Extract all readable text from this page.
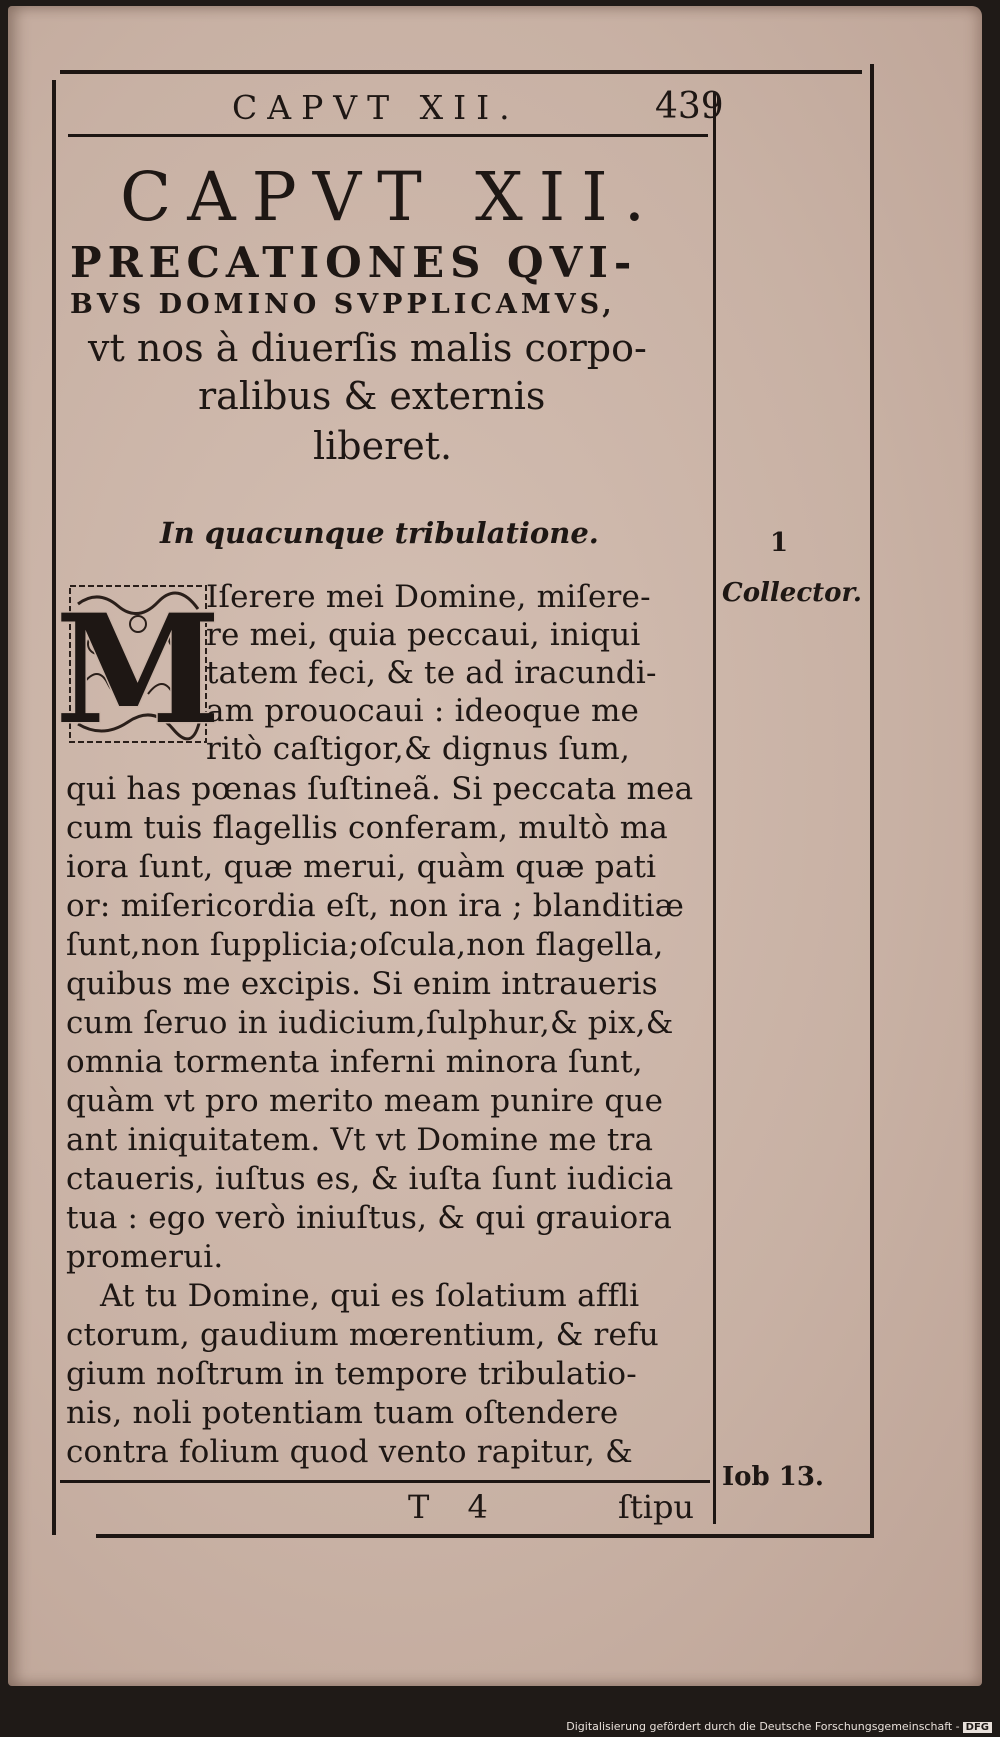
CAPVT XII.	439
CAPVT XII.
PRECATIONES QVI-
BVS DOMINO SVPPLICAMVS,
vt nos à diuerſis malis corpo-
ralibus & externis
liberet.
In quacunque tribulatione.
M
Iſerere mei Domine, miſere-
re mei, quia peccaui, iniqui
tatem feci, & te ad iracundi-
am prouocaui : ideoque me
ritò caſtigor,& dignus ſum,
qui has pœnas ſuſtineã. Si peccata mea
cum tuis flagellis conferam, multò ma
iora ſunt, quæ merui, quàm quæ pati
or: miſericordia eſt, non ira ; blanditiæ
ſunt,non ſupplicia;oſcula,non flagella,
quibus me excipis. Si enim intraueris
cum ſeruo in iudicium,ſulphur,& pix,&
omnia tormenta inferni minora ſunt,
quàm vt pro merito meam punire que
ant iniquitatem. Vt vt Domine me tra
ctaueris, iuſtus es, & iuſta ſunt iudicia
tua : ego verò iniuſtus, & qui grauiora
promerui.
At tu Domine, qui es ſolatium affli
ctorum, gaudium mœrentium, & refu
gium noſtrum in tempore tribulatio-
nis, noli potentiam tuam oſtendere
contra folium quod vento rapitur, &
1
Collector.
Iob 13.
T 4	ſtipu
Digitalisierung gefördert durch die Deutsche Forschungsgemeinschaft - DFG
